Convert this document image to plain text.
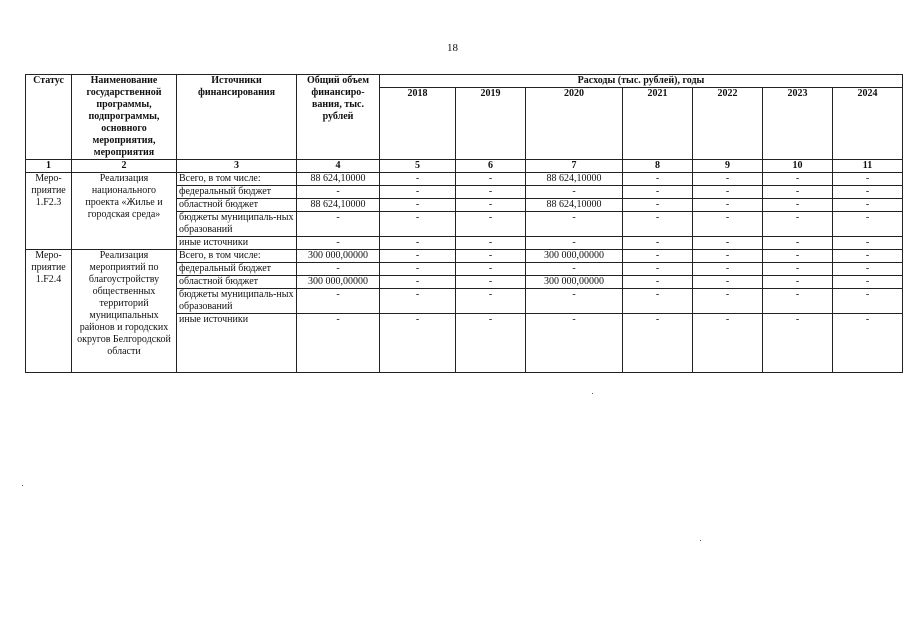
18
Статус	Наименование государственной программы, подпрограммы, основного мероприятия, мероприятия	Источники финансирования	Общий объем финансиро-вания, тыс. рублей	Расходы (тыс. рублей), годы						
				2018	2019	2020	2021	2022	2023	2024
1	2	3	4	5	6	7	8	9	10	11
Меро-приятие 1.F2.3	Реализация национального проекта «Жилье и городская среда»	Всего, в том числе:	88 624,10000	-	-	88 624,10000	-	-	-	-
		федеральный бюджет	-	-	-	-	-	-	-	-
		областной бюджет	88 624,10000	-	-	88 624,10000	-	-	-	-
		бюджеты муниципаль-ных образований	-	-	-	-	-	-	-	-
		иные источники	-	-	-	-	-	-	-	-
Меро-приятие 1.F2.4	Реализация мероприятий по благоустройству общественных территорий муниципальных районов и городских округов Белгородской области	Всего, в том числе:	300 000,00000	-	-	300 000,00000	-	-	-	-
		федеральный бюджет	-	-	-	-	-	-	-	-
		областной бюджет	300 000,00000	-	-	300 000,00000	-	-	-	-
		бюджеты муниципаль-ных образований	-	-	-	-	-	-	-	-
		иные источники	-	-	-	-	-	-	-	-
